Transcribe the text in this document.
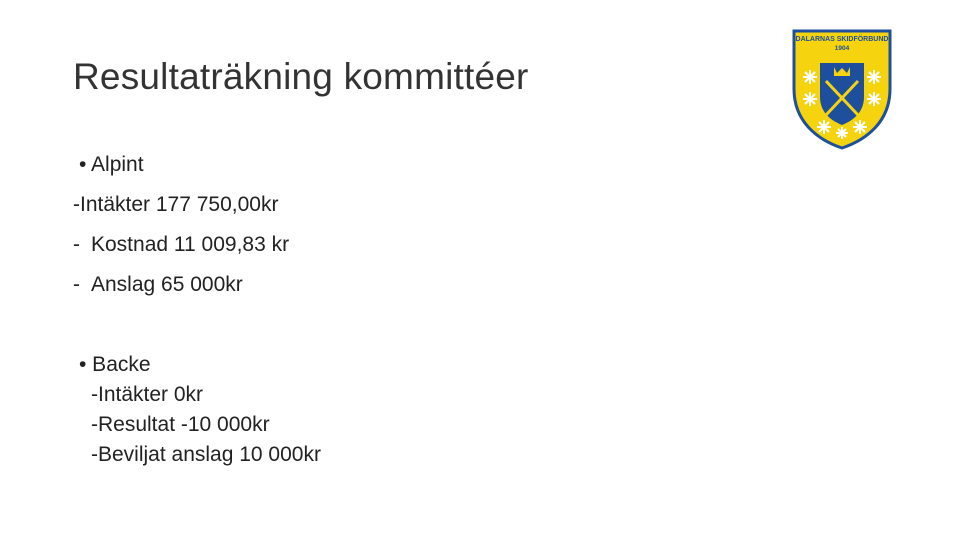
Resultaträkning kommittéer
• Alpint
-Intäkter 177 750,00kr
- Kostnad 11 009,83 kr
- Anslag 65 000kr
• Backe
-Intäkter 0kr
-Resultat -10 000kr
-Beviljat anslag 10 000kr
DALARNAS SKIDFÖRBUND
1904
